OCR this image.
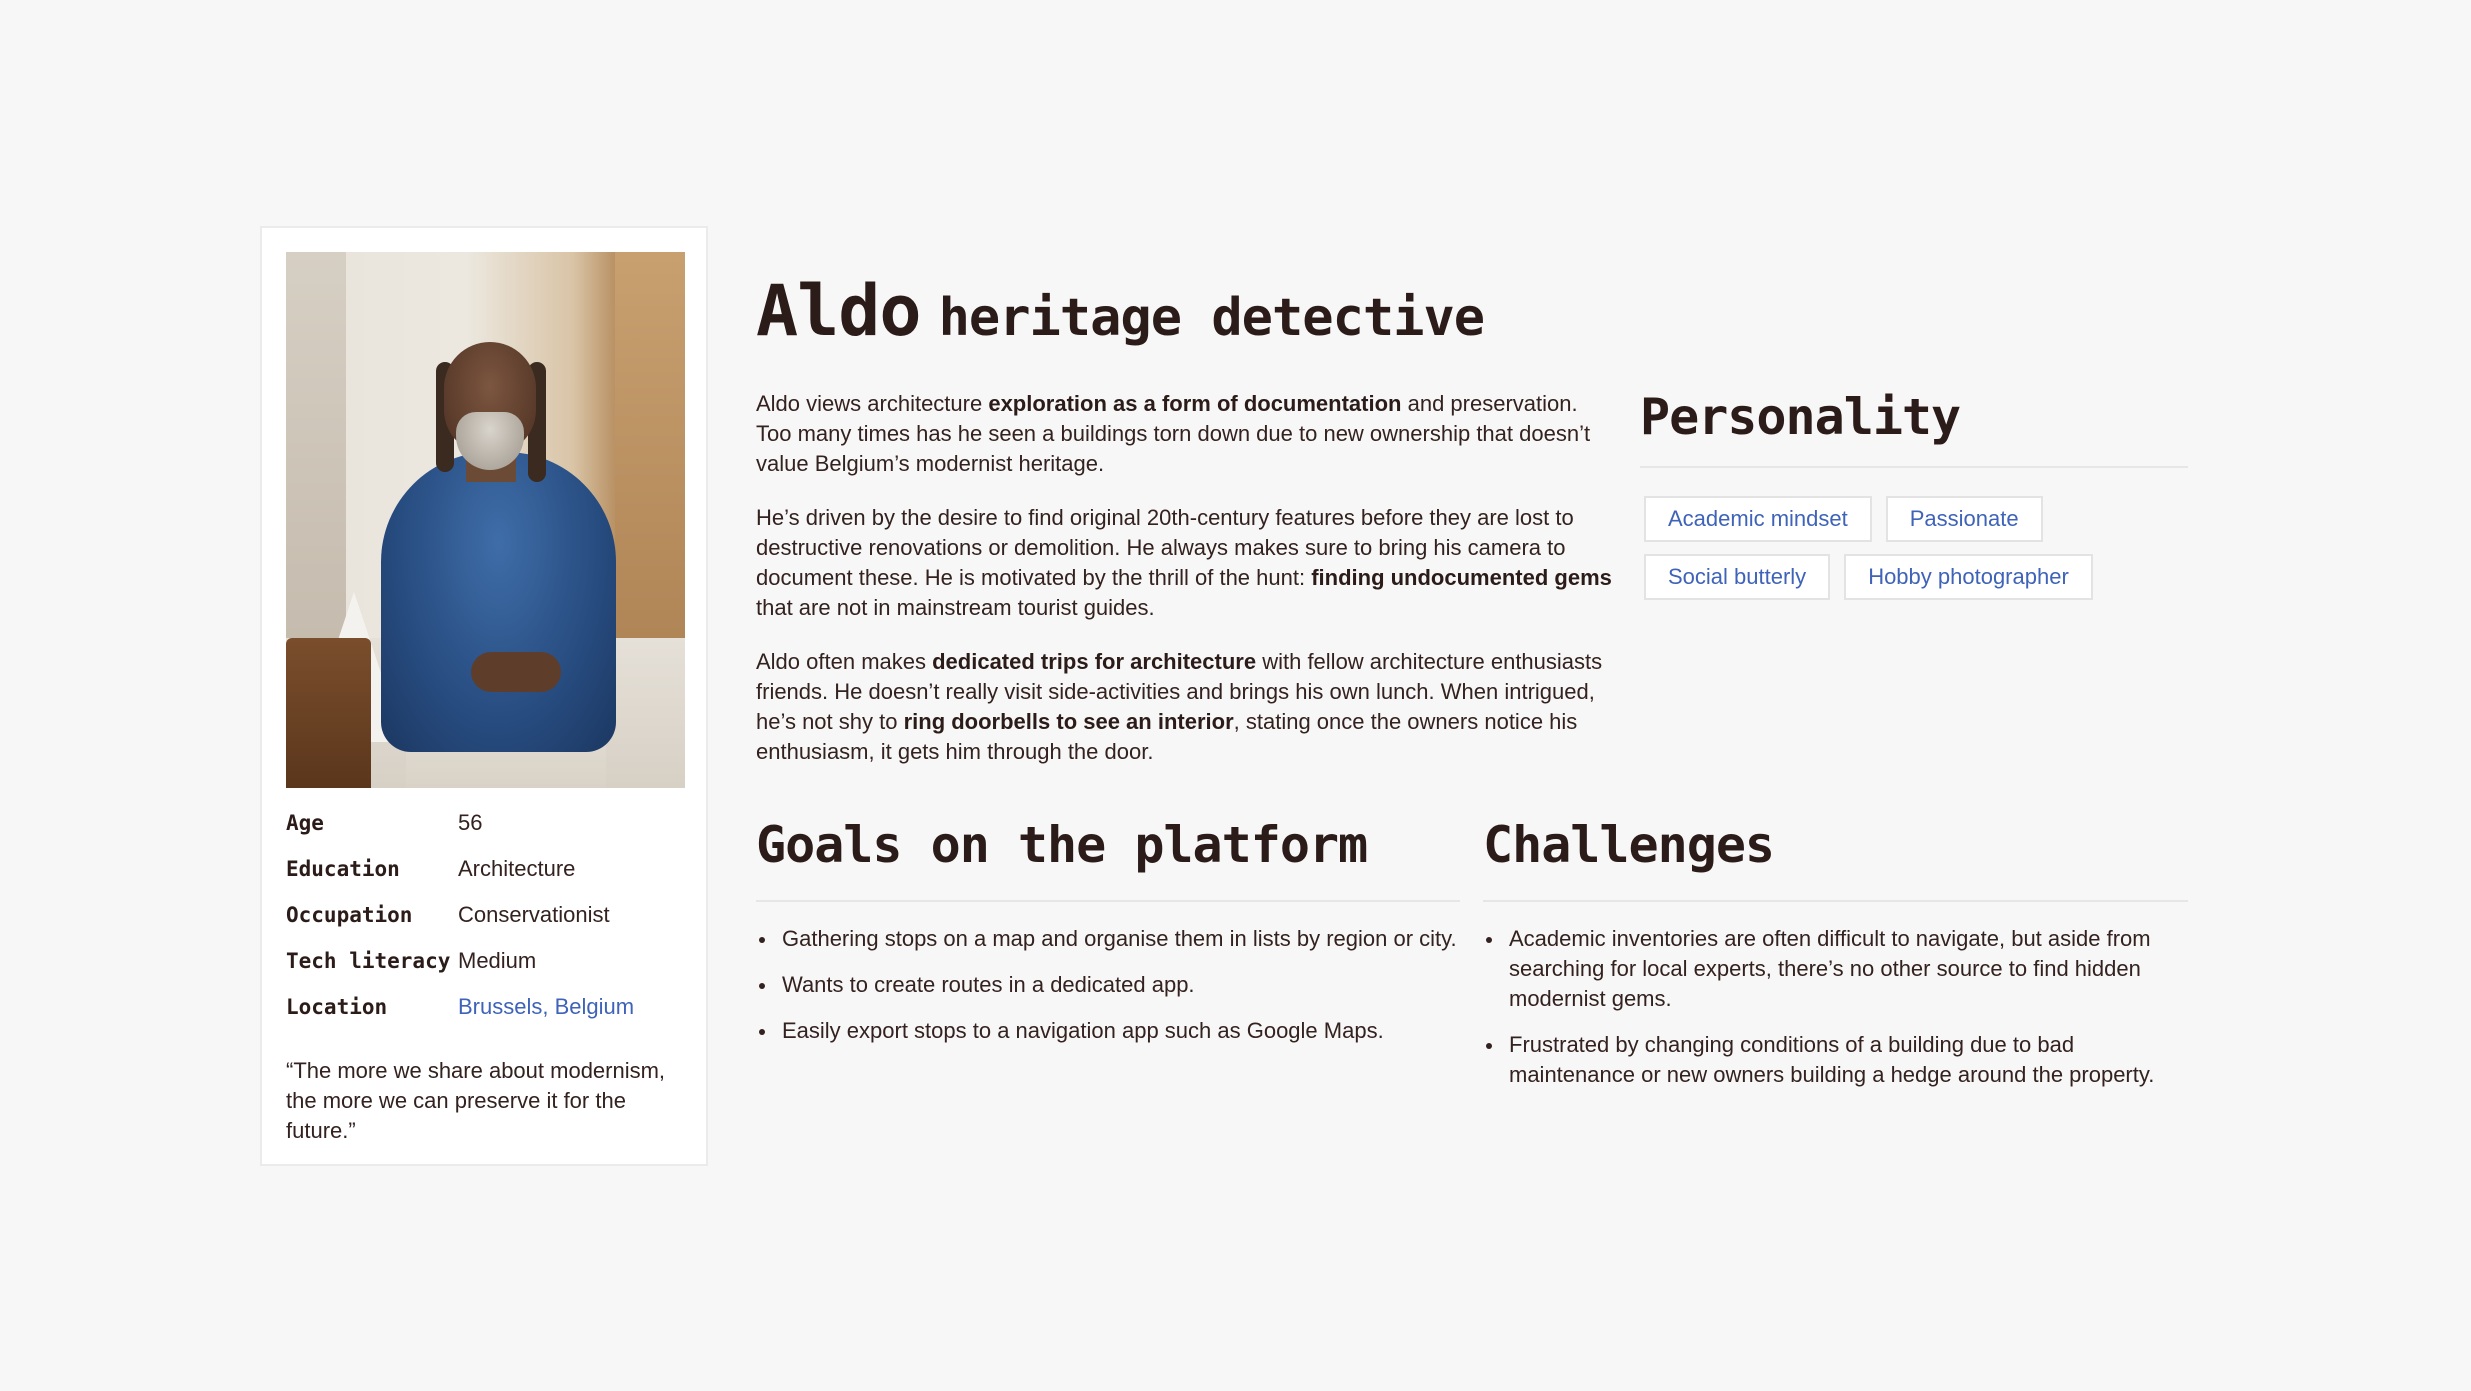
Age	56
Education	Architecture
Occupation	Conservationist
Tech literacy Medium
Location	Brussels, Belgium

“The more we share about modernism, the more we can preserve it for the future.”

Aldo heritage detective

Aldo views architecture exploration as a form of documentation and preservation. Too many times has he seen a buildings torn down due to new ownership that doesn’t value Belgium’s modernist heritage.

He’s driven by the desire to find original 20th-century features before they are lost to destructive renovations or demolition. He always makes sure to bring his camera to document these. He is motivated by the thrill of the hunt: finding undocumented gems that are not in mainstream tourist guides.

Aldo often makes dedicated trips for architecture with fellow architecture enthusiasts friends. He doesn’t really visit side-activities and brings his own lunch. When intrigued, he’s not shy to ring doorbells to see an interior, stating once the owners notice his enthusiasm, it gets him through the door.

Personality
Academic mindset	Passionate
Social butterly	Hobby photographer
Goals on the platform
Gathering stops on a map and organise them in lists by region or city.
Wants to create routes in a dedicated app.
Easily export stops to a navigation app such as Google Maps.
Challenges
Academic inventories are often difficult to navigate, but aside from searching for local experts, there’s no other source to find hidden modernist gems.
Frustrated by changing conditions of a building due to bad maintenance or new owners building a hedge around the property.
